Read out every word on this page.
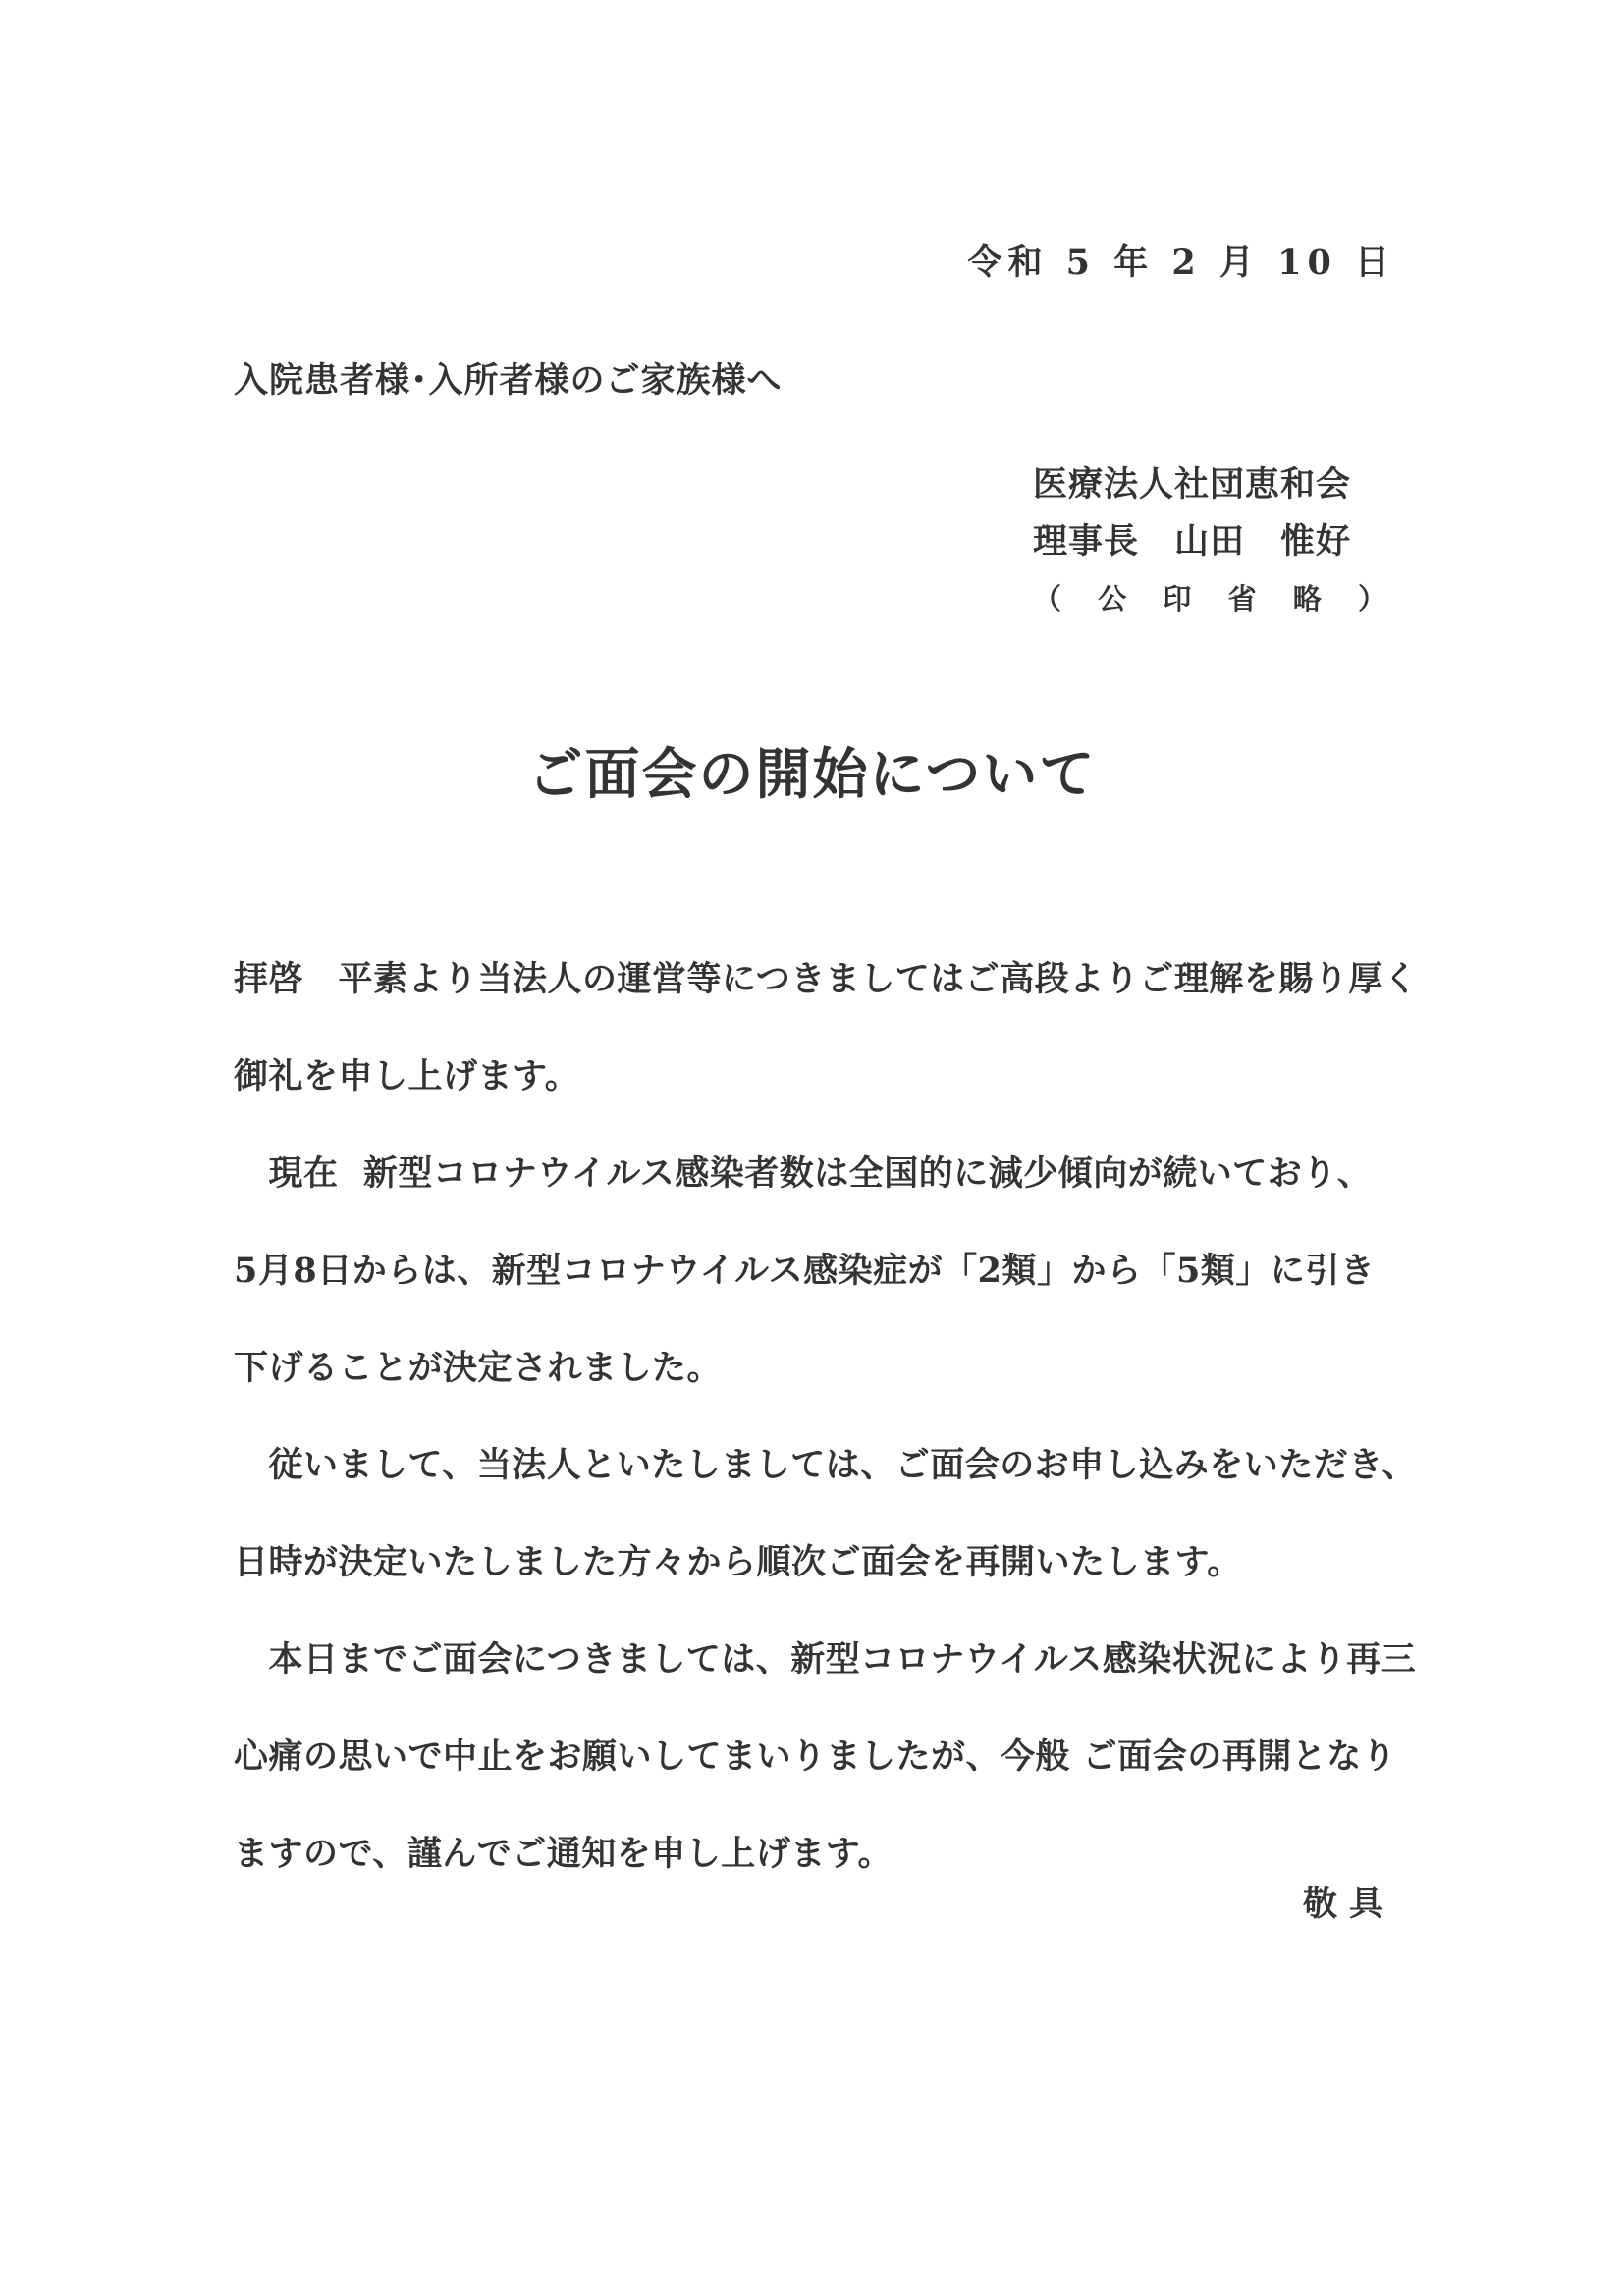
令和 5 年 2 月 10 日
入院患者様･入所者様のご家族様へ
医療法人社団恵和会
理事長　山田　惟好
（ 公 印 省 略 ）
ご面会の開始について
拝啓　平素より当法人の運営等につきましてはご高段よりご理解を賜り厚く
御礼を申し上げます。
　現在  新型コロナウイルス感染者数は全国的に減少傾向が続いており、
5月8日からは、新型コロナウイルス感染症が「2類」から「5類」に引き
下げることが決定されました。
　従いまして、当法人といたしましては、ご面会のお申し込みをいただき、
日時が決定いたしました方々から順次ご面会を再開いたします。
　本日までご面会につきましては、新型コロナウイルス感染状況により再三
心痛の思いで中止をお願いしてまいりましたが、今般 ご面会の再開となり
ますので、謹んでご通知を申し上げます。
敬具
